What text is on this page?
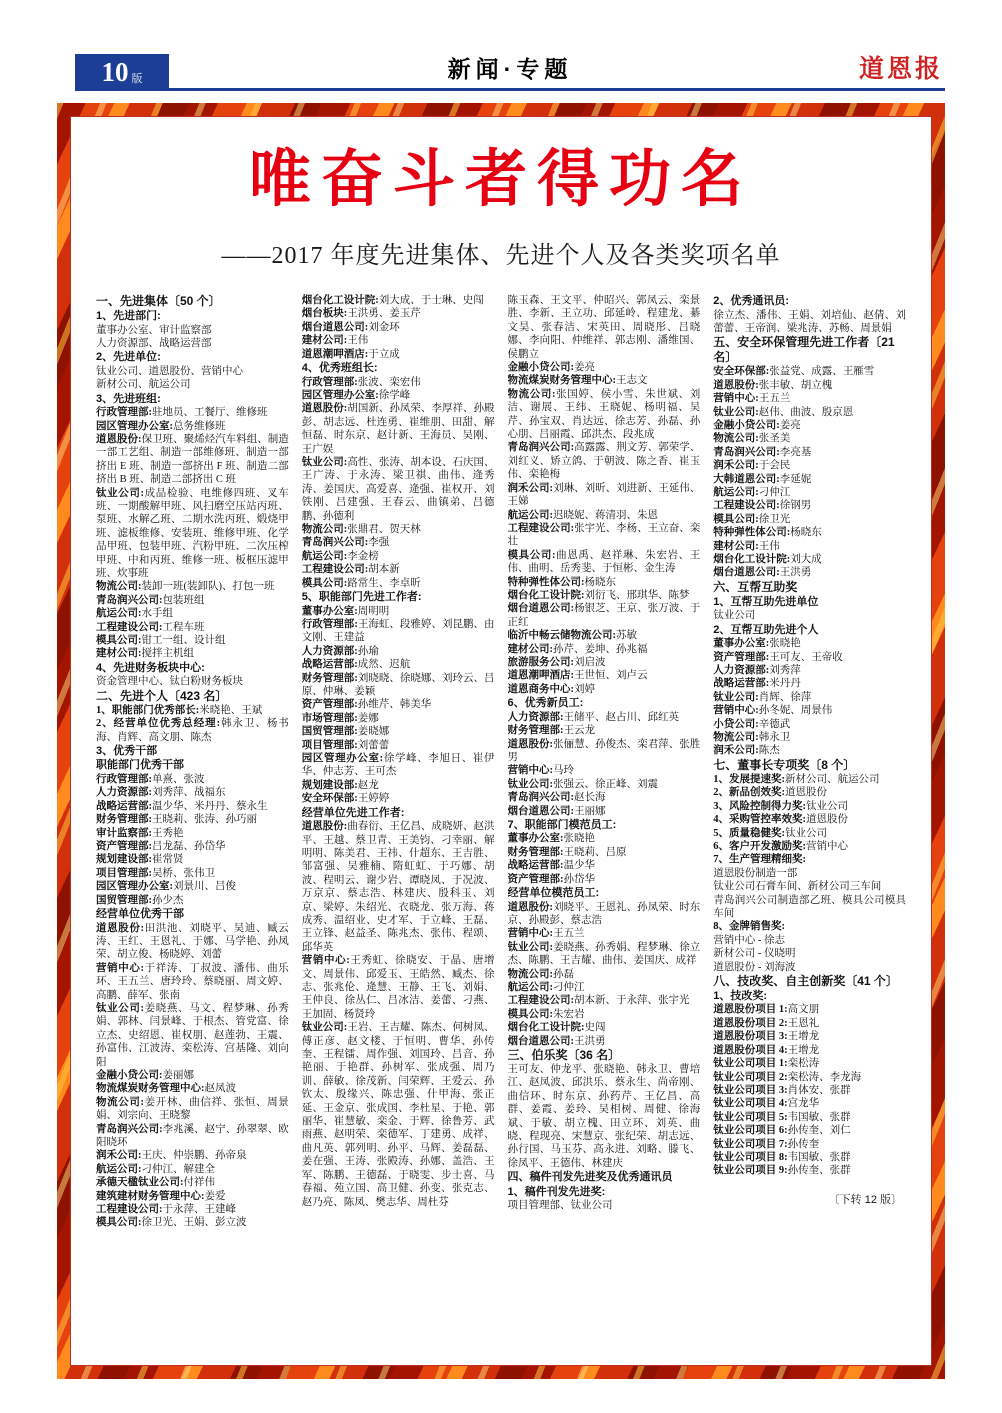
10 版	新闻·专题	道恩报
唯奋斗者得功名
——2017 年度先进集体、先进个人及各类奖项名单

一、先进集体〔50 个〕

1、先进部门:

董事办公室、审计监察部

人力资源部、战略运营部

2、先进单位:

钛业公司、道恩股份、营销中心

新材公司、航运公司

3、先进班组:

行政管理部:驻地员、工餐厅、维修班

园区管理办公室:总务维修班

道恩股份:保卫班、聚烯烃汽车料组、制造一部工艺组、制造一部维修班、制造一部挤出 E 班、制造一部挤出 F 班、制造二部挤出 B 班、制造二部挤出 C 班

钛业公司:成品检验、电维修四班、叉车班、一期酸解甲班、风扫磨空压站丙班、泵班、水解乙班、二期水洗丙班、煅烧甲班、滤板维修、安装班、维修甲班、化学品甲班、包装甲班、汽粉甲班、二次压榨甲班、中和丙班、维修一班、板框压滤甲班、炊事班

物流公司:装卸一班(装卸队)、打包一班

青岛润兴公司:包装班组

航运公司:水手组

工程建设公司:工程车班

模具公司:钳工一组、设计组

建材公司:搅拌主机组

4、先进财务板块中心:

资金管理中心、钛白粉财务板块

二、先进个人〔423 名〕

1、职能部门优秀部长:米晓艳、王斌

2、经营单位优秀总经理:韩永卫、杨书海、肖辉、高文朋、陈杰

3、优秀干部

职能部门优秀干部

行政管理部:单熹、张波

人力资源部:刘秀萍、战福东

战略运营部:温少华、米丹丹、蔡永生

财务管理部:王晓莉、张涛、孙巧丽

审计监察部:王秀艳

资产管理部:吕龙磊、孙岱华

规划建设部:崔常贤

项目管理部:吴桥、张伟卫

园区管理办公室:刘景川、吕俊

国贸管理部:孙少杰

经营单位优秀干部

道恩股份:田洪池、刘晓平、吴迪、臧云涛、王红、王恩礼、于娜、马学艳、孙凤荣、胡立俊、杨晓婷、刘蕾

营销中心:于祥涛、丁叔波、潘伟、曲乐环、王五兰、唐玲玲、蔡晓丽、周文婷、高鹏、薛军、张南

钛业公司:姜晓燕、马文、程梦琳、孙秀娟、郭林、闫景峰、于根杰、管党富、徐立杰、史绍恩、崔权朋、赵莲勃、王震、孙富伟、江波涛、栾松涛、宫基隆、刘向阳

金融小贷公司:姜丽娜

物流煤炭财务管理中心:赵凤波

物流公司:姜开林、曲信祥、张恒、周景娟、刘宗向、王晓黎

青岛润兴公司:李兆溪、赵宁、孙翠翠、欧阳晓环

润禾公司:王庆、仲崇鹏、孙帝泉

航运公司:刁仲江、解建全

承德天楹钛业公司:付祥伟

建筑建材财务管理中心:姜爱

工程建设公司:于永萍、王建峰

模具公司:徐卫光、王娟、彭立波

烟台化工设计院:刘大成、于士琳、史闯

烟台板块:王洪勇、姜玉芹

烟台道恩公司:刘金环

建材公司:王伟

道恩潮呷酒店:于立成

4、优秀班组长:

行政管理部:张波、栾宏伟

园区管理办公室:徐学峰

道恩股份:胡国新、孙凤荣、李厚祥、孙殿彭、胡志远、杜连勇、崔维朋、田甜、解恒磊、时东京、赵计新、王海员、吴刚、王广娱

钛业公司:高性、张涛、胡本设、石庆国、王广涛、于永涛、梁卫祺、曲伟、逄秀涛、姜国庆、高爱喜、逄强、崔权开、刘铁刚、吕建强、王春云、曲镇弟、吕德鹏、孙德利

物流公司:张鼎君、贺天林

青岛润兴公司:李强

航运公司:李金榜

工程建设公司:胡本新

模具公司:路常生、李卓昕

5、职能部门先进工作者:

董事办公室:周明明

行政管理部:王海虹、段雅婷、刘昆鹏、由文刚、王建益

人力资源部:孙瑜

战略运营部:成然、迟航

财务管理部:刘晓晓、徐晓娜、刘玲云、吕原、仲琳、姜颖

资产管理部:孙维芹、韩美华

市场管理部:姜娜

国贸管理部:姜晓娜

项目管理部:刘蕾蕾

园区管理办公室:徐学峰、李旭日、崔伊华、仲志芳、王可杰

规划建设部:赵龙

安全环保部:王婷婷

经营单位先进工作者:

道恩股份:曲春衍、王亿昌、成晓妍、赵洪平、王越、蔡卫青、王美钧、刁幸丽、解明明、陈美君、王祎、什超东、王吉胜、邹富强、吴雅楠、隋虹虹、于巧娜、胡波、程明云、谢少岩、谭晓凤、于况波、万京京、蔡志浩、林建庆、殷科玉、刘京、梁婷、朱绍光、衣晓龙、张万海、蒋成秀、温绍业、史才军、于立峰、王磊、王立锋、赵益圣、陈兆杰、张伟、程颂、邱华英

营销中心:王秀虹、徐晓安、于晶、唐增文、周景伟、邱爱玉、王皓然、臧杰、徐志、张兆伦、逄慧、王静、王飞、刘娟、王仲良、徐丛仁、吕冰洁、姜蕾、刁燕、王加固、杨贤玲

钛业公司:王岩、王吉耀、陈杰、何树凤、傅正彦、赵文楼、于恒明、曹华、孙传奎、王程镭、周作强、刘国玲、吕音、孙艳丽、于艳群、孙树军、张成强、周乃训、薛敏、徐茂新、闫荣辉、王爱云、孙钦太、殷缘兴、陈忠强、什甲海、张正延、王金京、张成国、李杜星、于艳、郭丽华、崔慧敏、栾金、于辉、徐鲁芳、武雨燕、赵明荣、栾德军、丁建勇、成祥、曲凡英、郭列明、孙平、马辉、姜磊磊、姜在强、王涛、张殿涛、孙娜、盖浩、王军、陈鹏、王德磊、于晓雯、步士喜、马春福、苑立国、高卫健、孙变、张克志、赵乃亮、陈凤、樊志华、周杜芬

陈玉森、王文平、仲昭兴、郭凤云、栾景胜、李新、王立功、邱延岭、程建龙、綦文昊、张春洁、宋英田、周晓彤、吕晓娜、李向阳、仲维祥、郭志刚、潘维国、侯鹏立

金融小贷公司:姜亮

物流煤炭财务管理中心:王志文

物流公司:张国婷、侯小雪、朱世斌、刘洁、谢展、王纬、王晓妮、杨明福、吴芹、孙宝双、肖达远、徐志芳、孙磊、孙心朋、吕丽霞、邱洪杰、段兆成

青岛润兴公司:高露露、荆文芳、郭荣学、刘红义、矫立鸽、于朝波、陈之香、崔玉伟、栾艳梅

润禾公司:刘琳、刘昕、刘进新、王延伟、王娣

航运公司:迟晓妮、蒋清羽、朱恩

工程建设公司:张宇光、李杨、王立奋、栾壮

模具公司:曲恩禹、赵祥琳、朱宏岩、王伟、曲明、岳秀斐、于恒彬、金生涛

特种弹性体公司:杨晓东

烟台化工设计院:刘衍飞、邢琪华、陈梦

烟台道恩公司:杨银芝、王京、张万波、于正红

临沂中畅云储物流公司:苏敏

建材公司:孙芹、姜坤、孙兆福

旅游服务公司:刘启波

道恩潮呷酒店:王世恒、刘卢云

道恩商务中心:刘婷

6、优秀新员工:

人力资源部:王储平、赵占川、邱红英

财务管理部:王云龙

道恩股份:张俪慧、孙俊杰、栾君萍、张胜男

营销中心:马玲

钛业公司:张强云、徐正峰、刘震

青岛润兴公司:赵长海

烟台道恩公司:王丽娜

7、职能部门模范员工:

董事办公室:张晓艳

财务管理部:王晓莉、吕原

战略运营部:温少华

资产管理部:孙岱华

经营单位模范员工:

道恩股份:刘晓平、王恩礼、孙凤荣、时东京、孙殿彭、蔡志浩

营销中心:王五兰

钛业公司:姜晓燕、孙秀娟、程梦琳、徐立杰、陈鹏、王吉耀、曲伟、姜国庆、成祥

物流公司:孙磊

航运公司:刁仲江

工程建设公司:胡本新、于永萍、张宇光

模具公司:朱宏岩

烟台化工设计院:史闯

烟台道恩公司:王洪勇

三、伯乐奖〔36 名〕

王可友、仲龙平、张晓艳、韩永卫、曹培江、赵凤波、邱洪乐、蔡永生、尚帝刚、曲信环、时东京、孙药芹、王亿昌、高群、姜霞、姜玲、吴相树、周健、徐海斌、于敏、胡立槐、田立环、刘英、曲晓、程现亮、宋慧京、张纪荣、胡志远、孙行国、马玉芬、高永进、刘略、滕飞、徐凤平、王德伟、林建庆

四、稿件刊发先进奖及优秀通讯员

1、稿件刊发先进奖:

项目管理部、钛业公司

2、优秀通讯员:

徐立杰、潘伟、王娟、刘培仙、赵倩、刘蕾蕾、王帝润、梁兆涛、苏畅、周景娟

五、安全环保管理先进工作者〔21 名〕

安全环保部:张益党、成露、王雁雪

道恩股份:张丰敏、胡立槐

营销中心:王五兰

钛业公司:赵伟、曲波、殷京恩

金融小贷公司:姜亮

物流公司:张圣美

青岛润兴公司:李亮基

润禾公司:于会民

大韩道恩公司:李延妮

航运公司:刁仲江

工程建设公司:徐钢男

模具公司:徐卫光

特种弹性体公司:杨晓东

建材公司:王伟

烟台化工设计院:刘大成

烟台道恩公司:王洪勇

六、互帮互助奖

1、互帮互助先进单位

钛业公司

2、互帮互助先进个人

董事办公室:张晓艳

资产管理部:王可友、王帝收

人力资源部:刘秀萍

战略运营部:米丹丹

钛业公司:肖辉、徐萍

营销中心:孙冬妮、周景伟

小贷公司:辛德武

物流公司:韩永卫

润禾公司:陈杰

七、董事长专项奖〔8 个〕

1、发展提速奖:新材公司、航运公司

2、新品创效奖:道恩股份

3、风险控制得力奖:钛业公司

4、采购管控率效奖:道恩股份

5、质量稳健奖:钛业公司

6、客户开发激励奖:营销中心

7、生产管理精细奖:

道恩股份制造一部

钛业公司石膏车间、新材公司三车间

青岛润兴公司制造部乙班、模具公司模具车间

8、金牌销售奖:

营销中心 - 徐志

新材公司 - 仪晓明

道恩股份 - 刘海波

八、技改奖、自主创新奖〔41 个〕

1、技改奖:

道恩股份项目 1:高文朋

道恩股份项目 2:王恩礼

道恩股份项目 3:王增龙

道恩股份项目 4:王增龙

钛业公司项目 1:栾松涛

钛业公司项目 2:栾松涛、李龙海

钛业公司项目 3:肖体安、张群

钛业公司项目 4:宫龙华

钛业公司项目 5:韦国敏、张群

钛业公司项目 6:孙传奎、刘仁

钛业公司项目 7:孙传奎

钛业公司项目 8:韦国敏、张群

钛业公司项目 9:孙传奎、张群

〔下转 12 版〕
